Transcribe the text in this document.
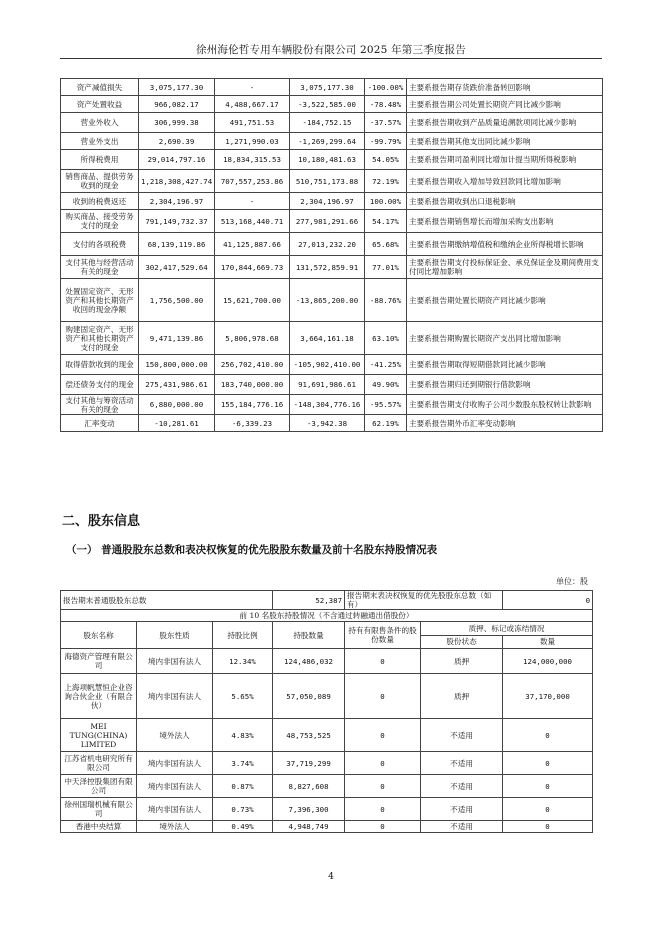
徐州海伦哲专用车辆股份有限公司 2025 年第三季度报告
资产减值损失	3,075,177.30	-	3,075,177.30	-100.00%	主要系报告期存货跌价准备转回影响
资产处置收益	966,082.17	4,488,667.17	-3,522,585.00	-78.48%	主要系报告期公司处置长期资产同比减少影响
营业外收入	306,999.38	491,751.53	-184,752.15	-37.57%	主要系报告期收到产品质量追溯款项同比减少影响
营业外支出	2,690.39	1,271,990.03	-1,269,299.64	-99.79%	主要系报告期其他支出同比减少影响
所得税费用	29,014,797.16	18,834,315.53	10,180,481.63	54.05%	主要系报告期司盈利同比增加计提当期所得税影响
销售商品、提供劳务收到的现金	1,218,308,427.74	707,557,253.86	510,751,173.88	72.19%	主要系报告期收入增加导致回款同比增加影响
收到的税费返还	2,304,196.97	-	2,304,196.97	100.00%	主要系报告期收到出口退税影响
购买商品、接受劳务支付的现金	791,149,732.37	513,168,440.71	277,981,291.66	54.17%	主要系报告期销售增长而增加采购支出影响
支付的各项税费	68,139,119.86	41,125,887.66	27,013,232.20	65.68%	主要系报告期缴纳增值税和缴纳企业所得税增长影响
支付其他与经营活动有关的现金	302,417,529.64	170,844,669.73	131,572,859.91	77.01%	主要系报告期支付投标保证金、承兑保证金及期间费用支付同比增加影响
处置固定资产、无形资产和其他长期资产收回的现金净额	1,756,500.00	15,621,700.00	-13,865,200.00	-88.76%	主要系报告期处置长期资产同比减少影响
购建固定资产、无形资产和其他长期资产支付的现金	9,471,139.86	5,806,978.68	3,664,161.18	63.10%	主要系报告期购置长期资产支出同比增加影响
取得借款收到的现金	150,800,000.00	256,702,410.00	-105,902,410.00	-41.25%	主要系报告期取得短期借款同比减少影响
偿还债务支付的现金	275,431,986.61	183,740,000.00	91,691,986.61	49.90%	主要系报告期归还到期银行借款影响
支付其他与筹资活动有关的现金	6,880,000.00	155,184,776.16	-148,304,776.16	-95.57%	主要系报告期支付收购子公司少数股东股权转让款影响
汇率变动	-10,281.61	-6,339.23	-3,942.38	62.19%	主要系报告期外币汇率变动影响
二、股东信息
（一） 普通股股东总数和表决权恢复的优先股股东数量及前十名股东持股情况表
单位：股
报告期末普通股股东总数			52,387	报告期末表决权恢复的优先股股东总数（如有）		0
前 10 名股东持股情况（不含通过转融通出借股份）						
股东名称	股东性质	持股比例	持股数量	持有有限售条件的股份数量	质押、标记或冻结情况	
					股份状态	数量
海德资产管理有限公司	境内非国有法人	12.34%	124,486,032	0	质押	124,000,000
上海项帆慧恒企业咨询合伙企业（有限合伙）	境内非国有法人	5.65%	57,050,089	0	质押	37,170,000
MEI TUNG(CHINA) LIMITED	境外法人	4.83%	48,753,525	0	不适用	0
江苏省机电研究所有限公司	境内非国有法人	3.74%	37,719,299	0	不适用	0
中天泽控股集团有限公司	境内非国有法人	0.87%	8,827,608	0	不适用	0
徐州国瑞机械有限公司	境内非国有法人	0.73%	7,396,300	0	不适用	0
香港中央结算	境外法人	0.49%	4,948,749	0	不适用	0
4
